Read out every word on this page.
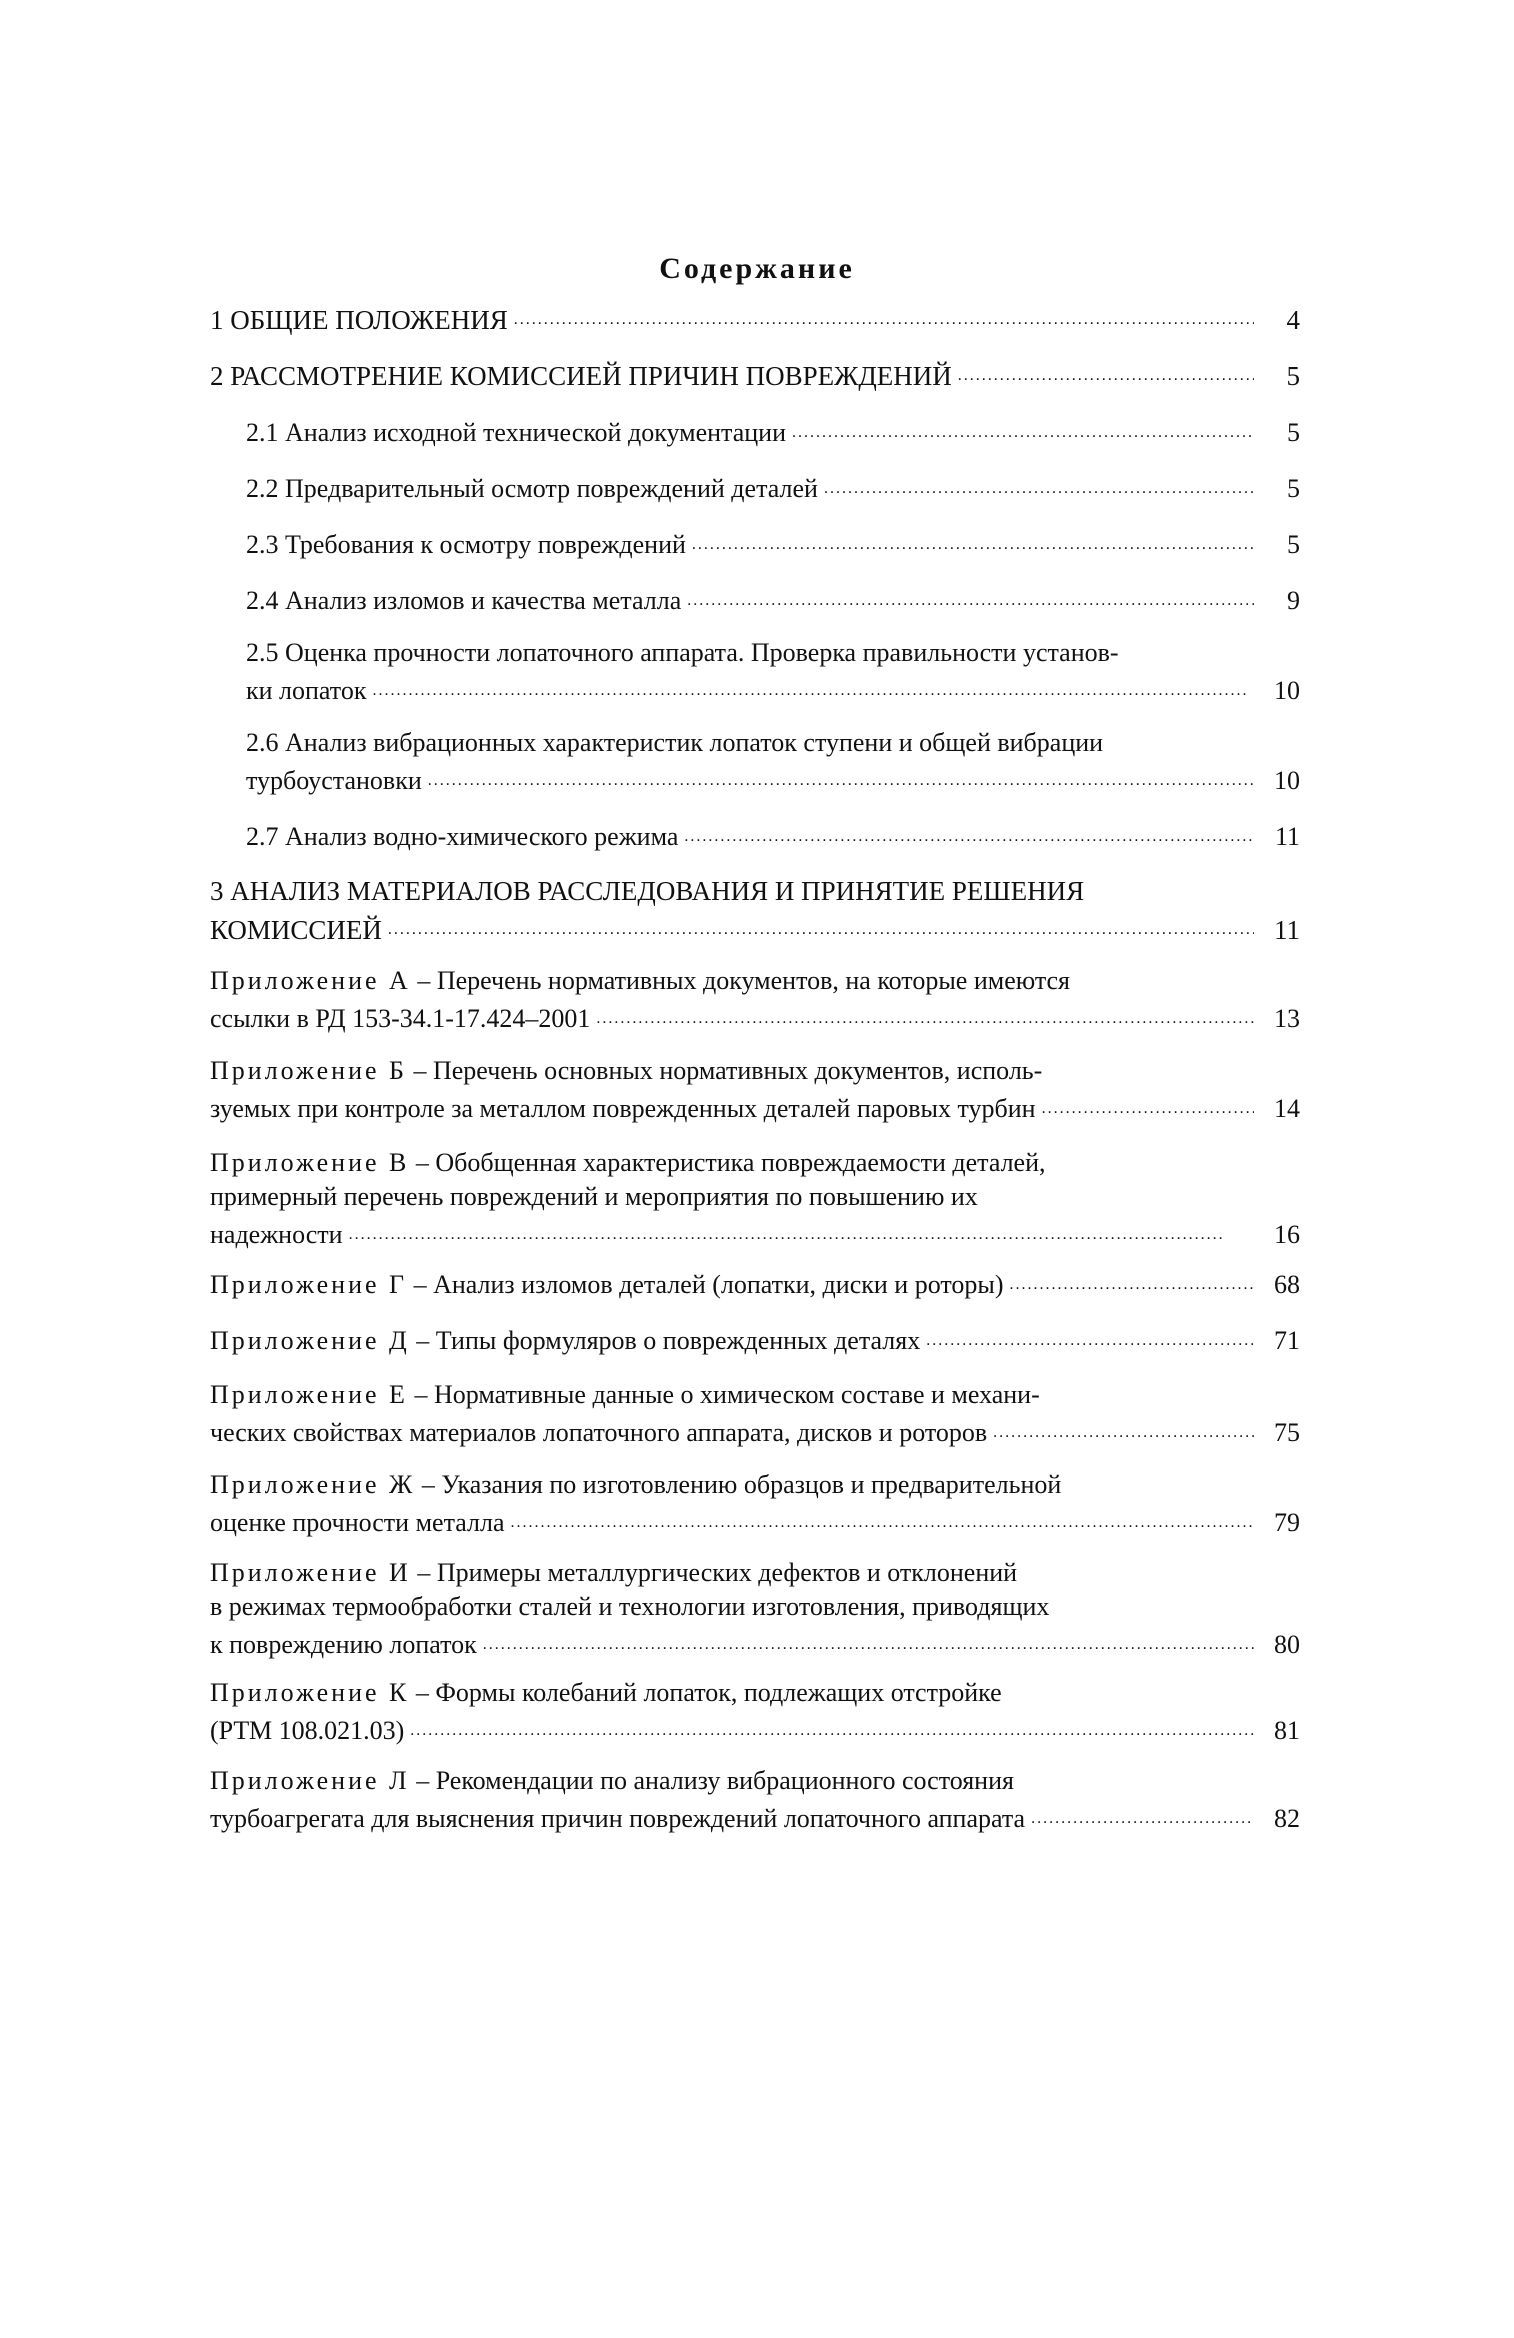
Содержание
1 ОБЩИЕ ПОЛОЖЕНИЯ . . .	4
2 РАССМОТРЕНИЕ КОМИССИЕЙ ПРИЧИН ПОВРЕЖДЕНИЙ . . .	5
2.1 Анализ исходной технической документации . . .	5
2.2 Предварительный осмотр повреждений деталей . . .	5
2.3 Требования к осмотру повреждений . . .	5
2.4 Анализ изломов и качества металла . . .	9
2.5 Оценка прочности лопаточного аппарата. Проверка правильности установ-
ки лопаток . . .	10
2.6 Анализ вибрационных характеристик лопаток ступени и общей вибрации
турбоустановки . . .	10
2.7 Анализ водно-химического режима . . .	11
3 АНАЛИЗ МАТЕРИАЛОВ РАССЛЕДОВАНИЯ И ПРИНЯТИЕ РЕШЕНИЯ
КОМИССИЕЙ . . .	11
Приложение А – Перечень нормативных документов, на которые имеются
ссылки в РД 153-34.1-17.424–2001 . . .	13
Приложение Б – Перечень основных нормативных документов, исполь-
зуемых при контроле за металлом поврежденных деталей паровых турбин . . .	14
Приложение В – Обобщенная характеристика повреждаемости деталей,
примерный перечень повреждений и мероприятия по повышению их
надежности . . .	16
Приложение Г – Анализ изломов деталей (лопатки, диски и роторы) . . .	68
Приложение Д – Типы формуляров о поврежденных деталях . . .	71
Приложение Е – Нормативные данные о химическом составе и механи-
ческих свойствах материалов лопаточного аппарата, дисков и роторов . . .	75
Приложение Ж – Указания по изготовлению образцов и предварительной
оценке прочности металла . . .	79
Приложение И – Примеры металлургических дефектов и отклонений
в режимах термообработки сталей и технологии изготовления, приводящих
к повреждению лопаток . . .	80
Приложение К – Формы колебаний лопаток, подлежащих отстройке
(РТМ 108.021.03) . . .	81
Приложение Л – Рекомендации по анализу вибрационного состояния
турбоагрегата для выяснения причин повреждений лопаточного аппарата . . .	82
